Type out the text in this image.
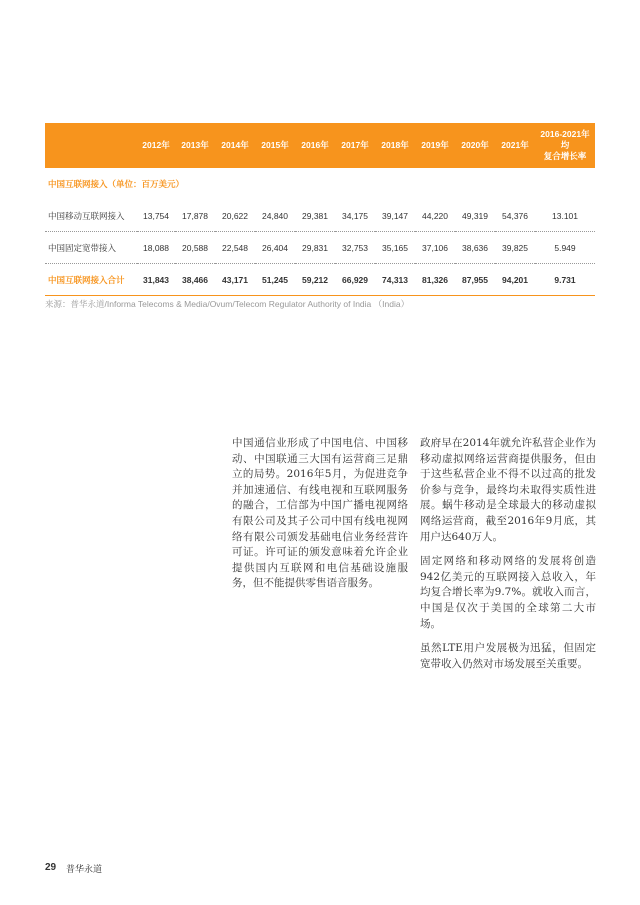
	2012年	2013年	2014年	2015年	2016年	2017年	2018年	2019年	2020年	2021年	2016-2021年均
复合增长率
中国互联网接入（单位：百万美元）											
中国移动互联网接入	13,754	17,878	20,622	24,840	29,381	34,175	39,147	44,220	49,319	54,376	13.101
中国固定宽带接入	18,088	20,588	22,548	26,404	29,831	32,753	35,165	37,106	38,636	39,825	5.949
中国互联网接入合计	31,843	38,466	43,171	51,245	59,212	66,929	74,313	81,326	87,955	94,201	9.731
来源：普华永道/Informa Telecoms & Media/Ovum/Telecom Regulator Authority of India （India）

中国通信业形成了中国电信、中国移动、中国联通三大国有运营商三足鼎立的局势。2016年5月，为促进竞争并加速通信、有线电视和互联网服务的融合，工信部为中国广播电视网络有限公司及其子公司中国有线电视网络有限公司颁发基础电信业务经营许可证。许可证的颁发意味着允许企业提供国内互联网和电信基础设施服务，但不能提供零售语音服务。

政府早在2014年就允许私营企业作为移动虚拟网络运营商提供服务，但由于这些私营企业不得不以过高的批发价参与竞争，最终均未取得实质性进展。蜗牛移动是全球最大的移动虚拟网络运营商，截至2016年9月底，其用户达640万人。

固定网络和移动网络的发展将创造942亿美元的互联网接入总收入，年均复合增长率为9.7%。就收入而言，中国是仅次于美国的全球第二大市场。

虽然LTE用户发展极为迅猛，但固定宽带收入仍然对市场发展至关重要。

29 普华永道
